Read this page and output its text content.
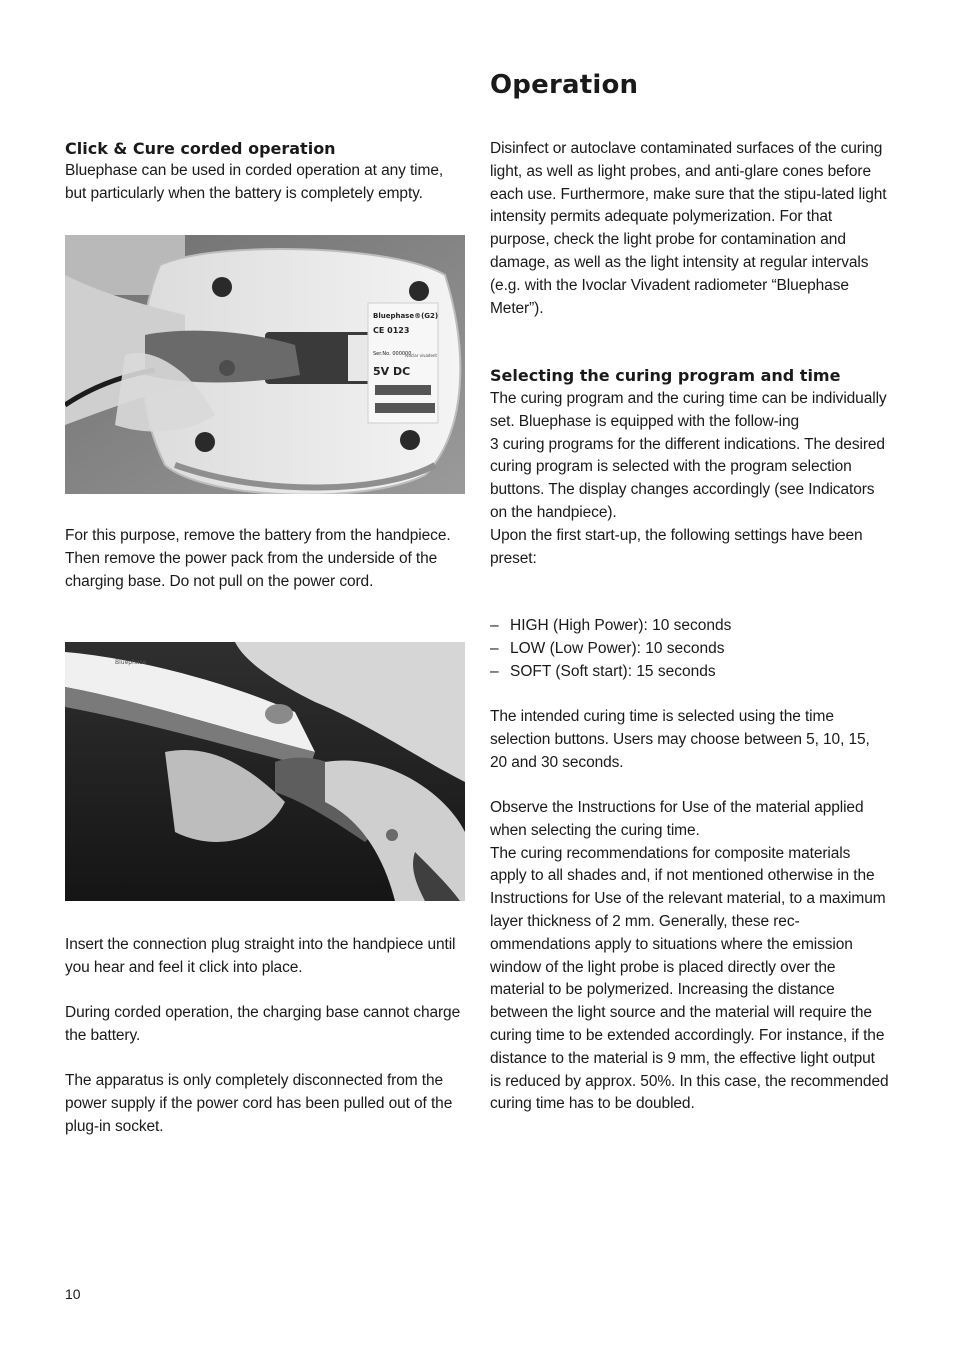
Operation
Click & Cure corded operation

Bluephase can be used in corded operation at any time, but particularly when the battery is completely empty.

Bluephase®(G2)
CE 0123
Ser.No. 000000
5V DC
ivoclar vivadent

For this purpose, remove the battery from the handpiece. Then remove the power pack from the underside of the charging base. Do not pull on the power cord.

Bluephase

Insert the connection plug straight into the handpiece until you hear and feel it click into place.

During corded operation, the charging base cannot charge the battery.

The apparatus is only completely disconnected from the power supply if the power cord has been pulled out of the plug-in socket.

Disinfect or autoclave contaminated surfaces of the curing light, as well as light probes, and anti-glare cones before each use. Furthermore, make sure that the stipu-lated light intensity permits adequate polymerization. For that purpose, check the light probe for contamination and damage, as well as the light intensity at regular intervals (e.g. with the Ivoclar Vivadent radiometer “Bluephase Meter”).

Selecting the curing program and time

The curing program and the curing time can be individually set. Bluephase is equipped with the follow-ing
3 curing programs for the different indications. The desired curing program is selected with the program selection buttons. The display changes accordingly (see Indicators on the handpiece).
Upon the first start-up, the following settings have been preset:

– HIGH (High Power): 10 seconds
– LOW (Low Power): 10 seconds
– SOFT (Soft start): 15 seconds

The intended curing time is selected using the time selection buttons. Users may choose between 5, 10, 15, 20 and 30 seconds.

Observe the Instructions for Use of the material applied when selecting the curing time.
The curing recommendations for composite materials apply to all shades and, if not mentioned otherwise in the Instructions for Use of the relevant material, to a maximum layer thickness of 2 mm. Generally, these rec-ommendations apply to situations where the emission window of the light probe is placed directly over the material to be polymerized. Increasing the distance between the light source and the material will require the curing time to be extended accordingly. For instance, if the distance to the material is 9 mm, the effective light output is reduced by approx. 50%. In this case, the recommended curing time has to be doubled.

10
